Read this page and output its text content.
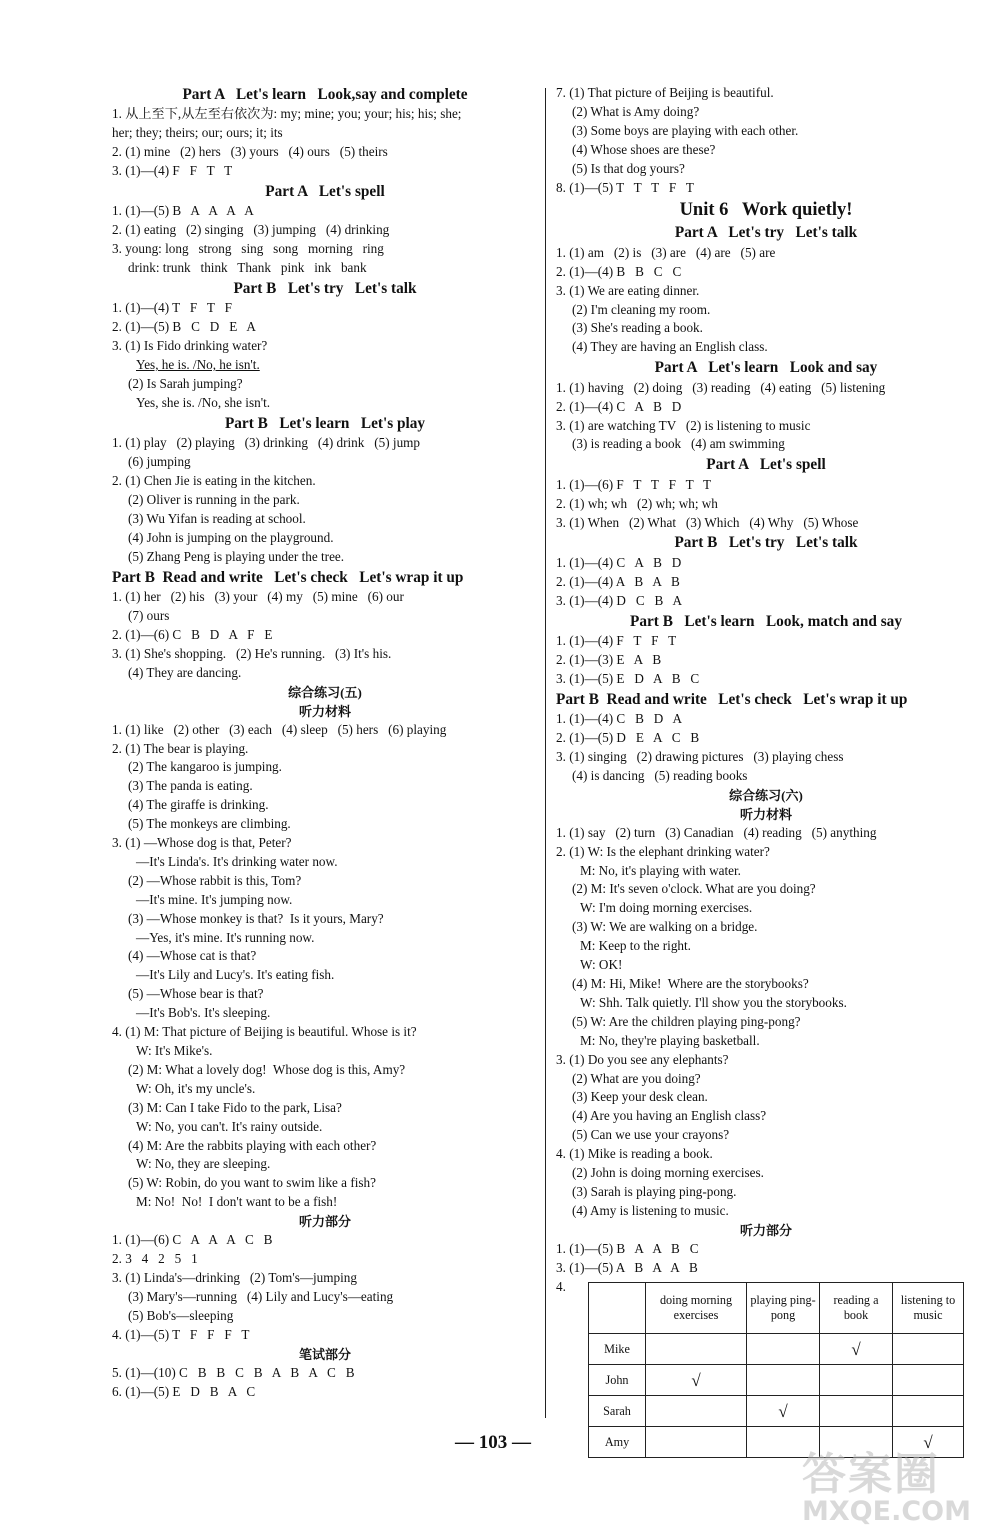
Part A   Let's learn   Look,say and complete
1. 从上至下,从左至右依次为: my; mine; you; your; his; his; she;
her; they; theirs; our; ours; it; its
2. (1) mine   (2) hers   (3) yours   (4) ours   (5) theirs
3. (1)—(4) F   F   T   T
Part A   Let's spell
1. (1)—(5) B   A   A   A   A
2. (1) eating   (2) singing   (3) jumping   (4) drinking
3. young: long   strong   sing   song   morning   ring
drink: trunk   think   Thank   pink   ink   bank
Part B   Let's try   Let's talk
1. (1)—(4) T   F   T   F
2. (1)—(5) B   C   D   E   A
3. (1) Is Fido drinking water?
Yes, he is. /No, he isn't.
(2) Is Sarah jumping?
Yes, she is. /No, she isn't.
Part B   Let's learn   Let's play
1. (1) play   (2) playing   (3) drinking   (4) drink   (5) jump
(6) jumping
2. (1) Chen Jie is eating in the kitchen.
(2) Oliver is running in the park.
(3) Wu Yifan is reading at school.
(4) John is jumping on the playground.
(5) Zhang Peng is playing under the tree.
Part B  Read and write   Let's check   Let's wrap it up
1. (1) her   (2) his   (3) your   (4) my   (5) mine   (6) our
(7) ours
2. (1)—(6) C   B   D   A   F   E
3. (1) She's shopping.   (2) He's running.   (3) It's his.
(4) They are dancing.
综合练习(五)
听力材料
1. (1) like   (2) other   (3) each   (4) sleep   (5) hers   (6) playing
2. (1) The bear is playing.
(2) The kangaroo is jumping.
(3) The panda is eating.
(4) The giraffe is drinking.
(5) The monkeys are climbing.
3. (1) —Whose dog is that, Peter?
—It's Linda's. It's drinking water now.
(2) —Whose rabbit is this, Tom?
—It's mine. It's jumping now.
(3) —Whose monkey is that?  Is it yours, Mary?
—Yes, it's mine. It's running now.
(4) —Whose cat is that?
—It's Lily and Lucy's. It's eating fish.
(5) —Whose bear is that?
—It's Bob's. It's sleeping.
4. (1) M: That picture of Beijing is beautiful. Whose is it?
W: It's Mike's.
(2) M: What a lovely dog!  Whose dog is this, Amy?
W: Oh, it's my uncle's.
(3) M: Can I take Fido to the park, Lisa?
W: No, you can't. It's rainy outside.
(4) M: Are the rabbits playing with each other?
W: No, they are sleeping.
(5) W: Robin, do you want to swim like a fish?
M: No!  No!  I don't want to be a fish!
听力部分
1. (1)—(6) C   A   A   A   C   B
2. 3   4   2   5   1
3. (1) Linda's—drinking   (2) Tom's—jumping
(3) Mary's—running   (4) Lily and Lucy's—eating
(5) Bob's—sleeping
4. (1)—(5) T   F   F   F   T
笔试部分
5. (1)—(10) C   B   B   C   B   A   B   A   C   B
6. (1)—(5) E   D   B   A   C
7. (1) That picture of Beijing is beautiful.
(2) What is Amy doing?
(3) Some boys are playing with each other.
(4) Whose shoes are these?
(5) Is that dog yours?
8. (1)—(5) T   T   T   F   T
Unit 6   Work quietly!
Part A   Let's try   Let's talk
1. (1) am   (2) is   (3) are   (4) are   (5) are
2. (1)—(4) B   B   C   C
3. (1) We are eating dinner.
(2) I'm cleaning my room.
(3) She's reading a book.
(4) They are having an English class.
Part A   Let's learn   Look and say
1. (1) having   (2) doing   (3) reading   (4) eating   (5) listening
2. (1)—(4) C   A   B   D
3. (1) are watching TV   (2) is listening to music
(3) is reading a book   (4) am swimming
Part A   Let's spell
1. (1)—(6) F   T   T   F   T   T
2. (1) wh; wh   (2) wh; wh; wh
3. (1) When   (2) What   (3) Which   (4) Why   (5) Whose
Part B   Let's try   Let's talk
1. (1)—(4) C   A   B   D
2. (1)—(4) A   B   A   B
3. (1)—(4) D   C   B   A
Part B   Let's learn   Look, match and say
1. (1)—(4) F   T   F   T
2. (1)—(3) E   A   B
3. (1)—(5) E   D   A   B   C
Part B  Read and write   Let's check   Let's wrap it up
1. (1)—(4) C   B   D   A
2. (1)—(5) D   E   A   C   B
3. (1) singing   (2) drawing pictures   (3) playing chess
(4) is dancing   (5) reading books
综合练习(六)
听力材料
1. (1) say   (2) turn   (3) Canadian   (4) reading   (5) anything
2. (1) W: Is the elephant drinking water?
M: No, it's playing with water.
(2) M: It's seven o'clock. What are you doing?
W: I'm doing morning exercises.
(3) W: We are walking on a bridge.
M: Keep to the right.
W: OK!
(4) M: Hi, Mike!  Where are the storybooks?
W: Shh. Talk quietly. I'll show you the storybooks.
(5) W: Are the children playing ping-pong?
M: No, they're playing basketball.
3. (1) Do you see any elephants?
(2) What are you doing?
(3) Keep your desk clean.
(4) Are you having an English class?
(5) Can we use your crayons?
4. (1) Mike is reading a book.
(2) John is doing morning exercises.
(3) Sarah is playing ping-pong.
(4) Amy is listening to music.
听力部分
1. (1)—(5) B   A   A   B   C
3. (1)—(5) A   B   A   A   B
4.
	doing morning exercises	playing ping-pong	reading a book	listening to music
Mike			√	
John	√			
Sarah		√		
Amy				√
— 103 —
答案圈
MXQE.COM
